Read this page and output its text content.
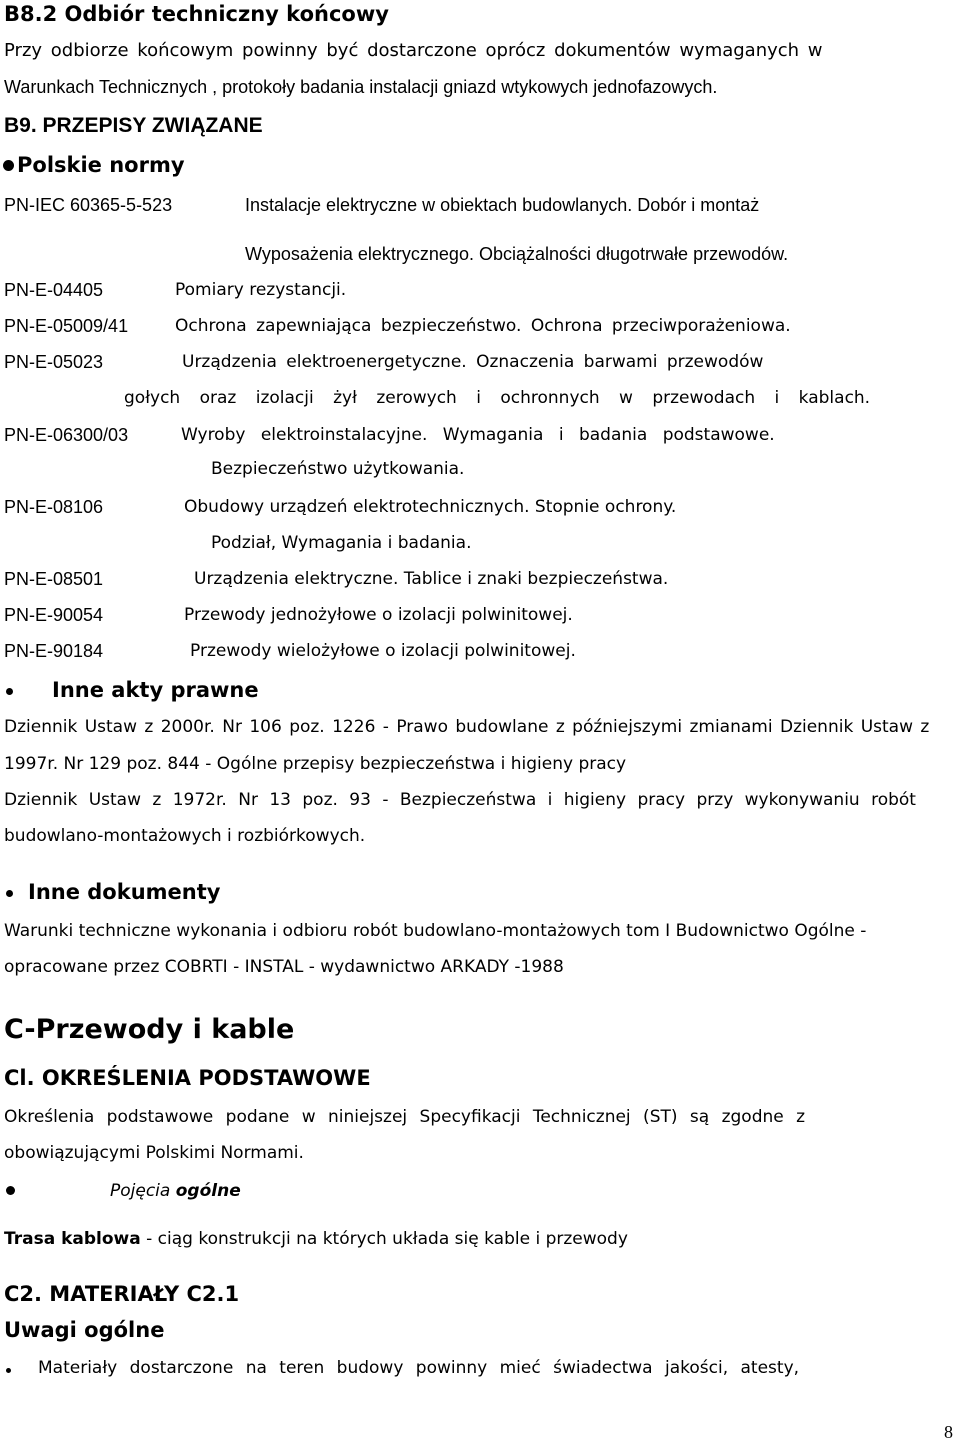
B8.2 Odbiór techniczny końcowy
Przy odbiorze końcowym powinny być dostarczone oprócz dokumentów wymaganych w
Warunkach Technicznych , protokoły badania instalacji gniazd wtykowych jednofazowych.
B9. PRZEPISY ZWIĄZANE
Polskie normy
PN-IEC 60365-5-523	Instalacje elektryczne w obiektach budowlanych. Dobór i montaż
Wyposażenia elektrycznego. Obciążalności długotrwałe przewodów.
PN-E-04405	Pomiary rezystancji.
PN-E-05009/41	Ochrona zapewniająca bezpieczeństwo. Ochrona przeciwporażeniowa.
PN-E-05023	Urządzenia elektroenergetyczne. Oznaczenia barwami przewodów
gołych oraz izolacji żył zerowych i ochronnych w przewodach i kablach.
PN-E-06300/03	Wyroby elektroinstalacyjne. Wymagania i badania podstawowe.
Bezpieczeństwo użytkowania.
PN-E-08106	Obudowy urządzeń elektrotechnicznych. Stopnie ochrony.
Podział, Wymagania i badania.
PN-E-08501	Urządzenia elektryczne. Tablice i znaki bezpieczeństwa.
PN-E-90054	Przewody jednożyłowe o izolacji polwinitowej.
PN-E-90184	Przewody wielożyłowe o izolacji polwinitowej.
Inne akty prawne
Dziennik Ustaw z 2000r. Nr 106 poz. 1226 - Prawo budowlane z późniejszymi zmianami Dziennik Ustaw z
1997r. Nr 129 poz. 844 - Ogólne przepisy bezpieczeństwa i higieny pracy
Dziennik Ustaw z 1972r. Nr 13 poz. 93 - Bezpieczeństwa i higieny pracy przy wykonywaniu robót
budowlano-montażowych i rozbiórkowych.
Inne dokumenty
Warunki techniczne wykonania i odbioru robót budowlano-montażowych tom I Budownictwo Ogólne -
opracowane przez COBRTI - INSTAL - wydawnictwo ARKADY -1988
C-Przewody i kable
Cl. OKREŚLENIA PODSTAWOWE
Określenia podstawowe podane w niniejszej Specyfikacji Technicznej (ST) są zgodne z
obowiązującymi Polskimi Normami.
Pojęcia ogólne
Trasa kablowa - ciąg konstrukcji na których układa się kable i przewody
C2. MATERIAŁY C2.1
Uwagi ogólne
Materiały dostarczone na teren budowy powinny mieć świadectwa jakości, atesty,
8
